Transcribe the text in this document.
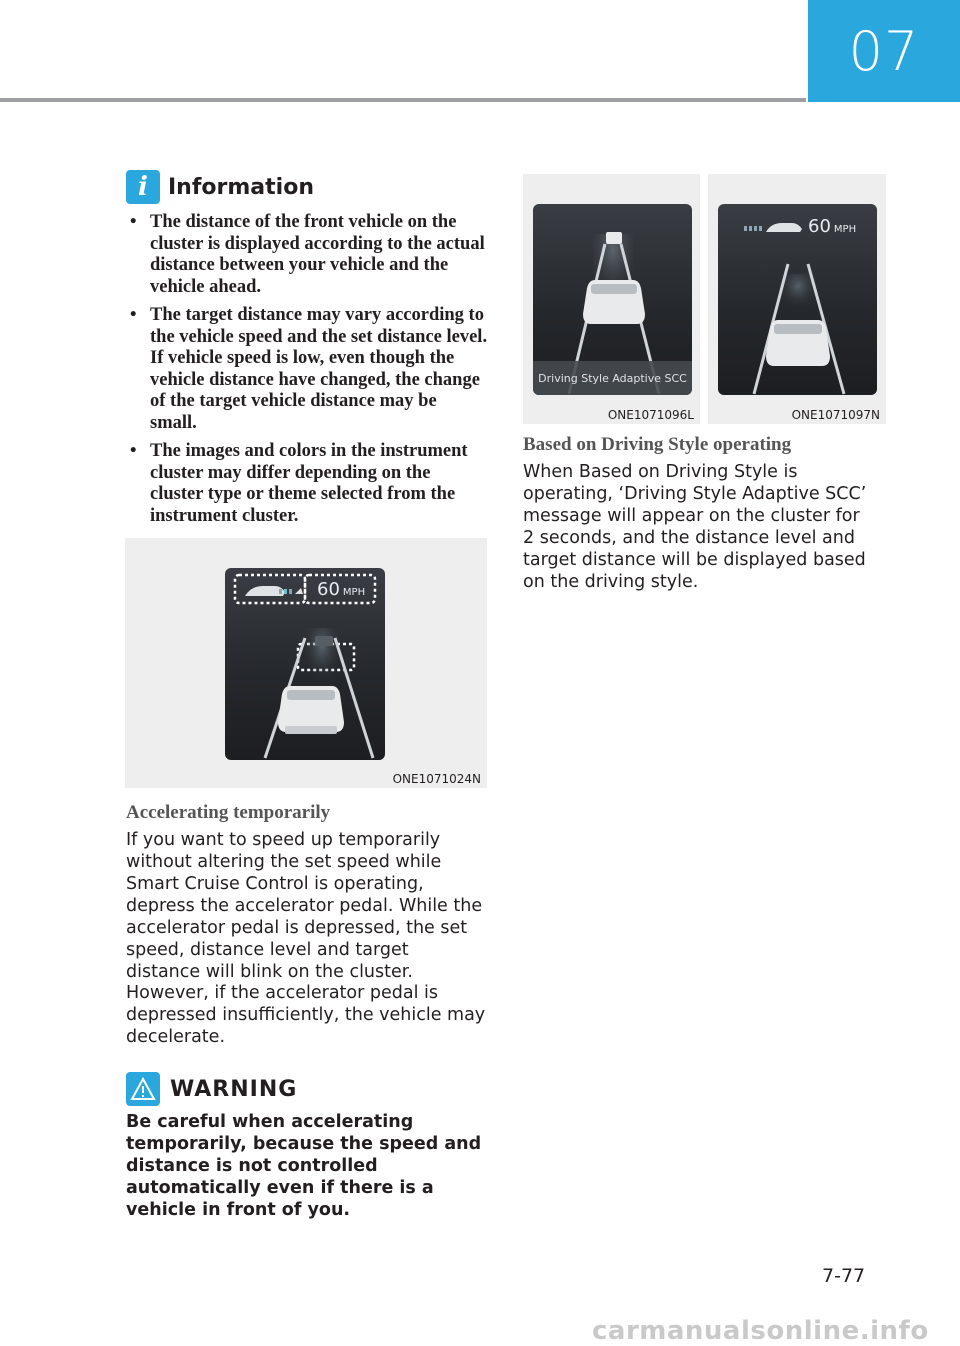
07
i Information
• The distance of the front vehicle on the cluster is displayed according to the actual distance between your vehicle and the vehicle ahead.
• The target distance may vary according to the vehicle speed and the set distance level. If vehicle speed is low, even though the vehicle distance have changed, the change of the target vehicle distance may be small.
• The images and colors in the instrument cluster may differ depending on the cluster type or theme selected from the instrument cluster.
60 MPH
ONE1071024N
Accelerating temporarily

If you want to speed up temporarily without altering the set speed while Smart Cruise Control is operating, depress the accelerator pedal. While the accelerator pedal is depressed, the set speed, distance level and target distance will blink on the cluster.

However, if the accelerator pedal is depressed insufficiently, the vehicle may decelerate.

WARNING

Be careful when accelerating temporarily, because the speed and distance is not controlled automatically even if there is a vehicle in front of you.

Driving Style Adaptive SCC
ONE1071096L
60 MPH
ONE1071097N
Based on Driving Style operating

When Based on Driving Style is operating, ‘Driving Style Adaptive SCC’ message will appear on the cluster for 2 seconds, and the distance level and target distance will be displayed based on the driving style.

7-77
carmanualsonline.info
